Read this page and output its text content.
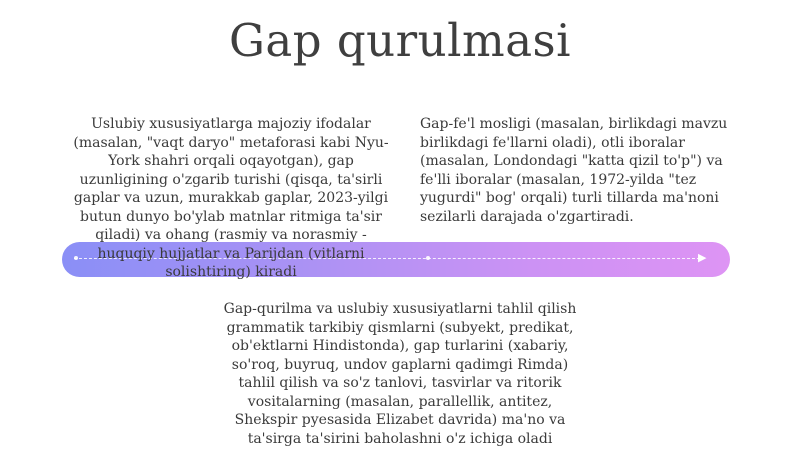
Gap qurulmasi
▶

Uslubiy xususiyatlarga majoziy ifodalar (masalan, "vaqt daryo" metaforasi kabi Nyu-York shahri orqali oqayotgan), gap uzunligining o'zgarib turishi (qisqa, ta'sirli gaplar va uzun, murakkab gaplar, 2023-yilgi butun dunyo bo'ylab matnlar ritmiga ta'sir qiladi) va ohang (rasmiy va norasmiy - huquqiy hujjatlar va Parijdan (vitlarni solishtiring) kiradi

Gap-fe'l mosligi (masalan, birlikdagi mavzu birlikdagi fe'llarni oladi), otli iboralar (masalan, Londondagi "katta qizil to'p") va fe'lli iboralar (masalan, 1972-yilda "tez yugurdi" bog' orqali) turli tillarda ma'noni sezilarli darajada o'zgartiradi.

Gap-qurilma va uslubiy xususiyatlarni tahlil qilish grammatik tarkibiy qismlarni (subyekt, predikat, ob'ektlarni Hindistonda), gap turlarini (xabariy, so'roq, buyruq, undov gaplarni qadimgi Rimda) tahlil qilish va so'z tanlovi, tasvirlar va ritorik vositalarning (masalan, parallellik, antitez, Shekspir pyesasida Elizabet davrida) ma'no va ta'sirga ta'sirini baholashni o'z ichiga oladi
